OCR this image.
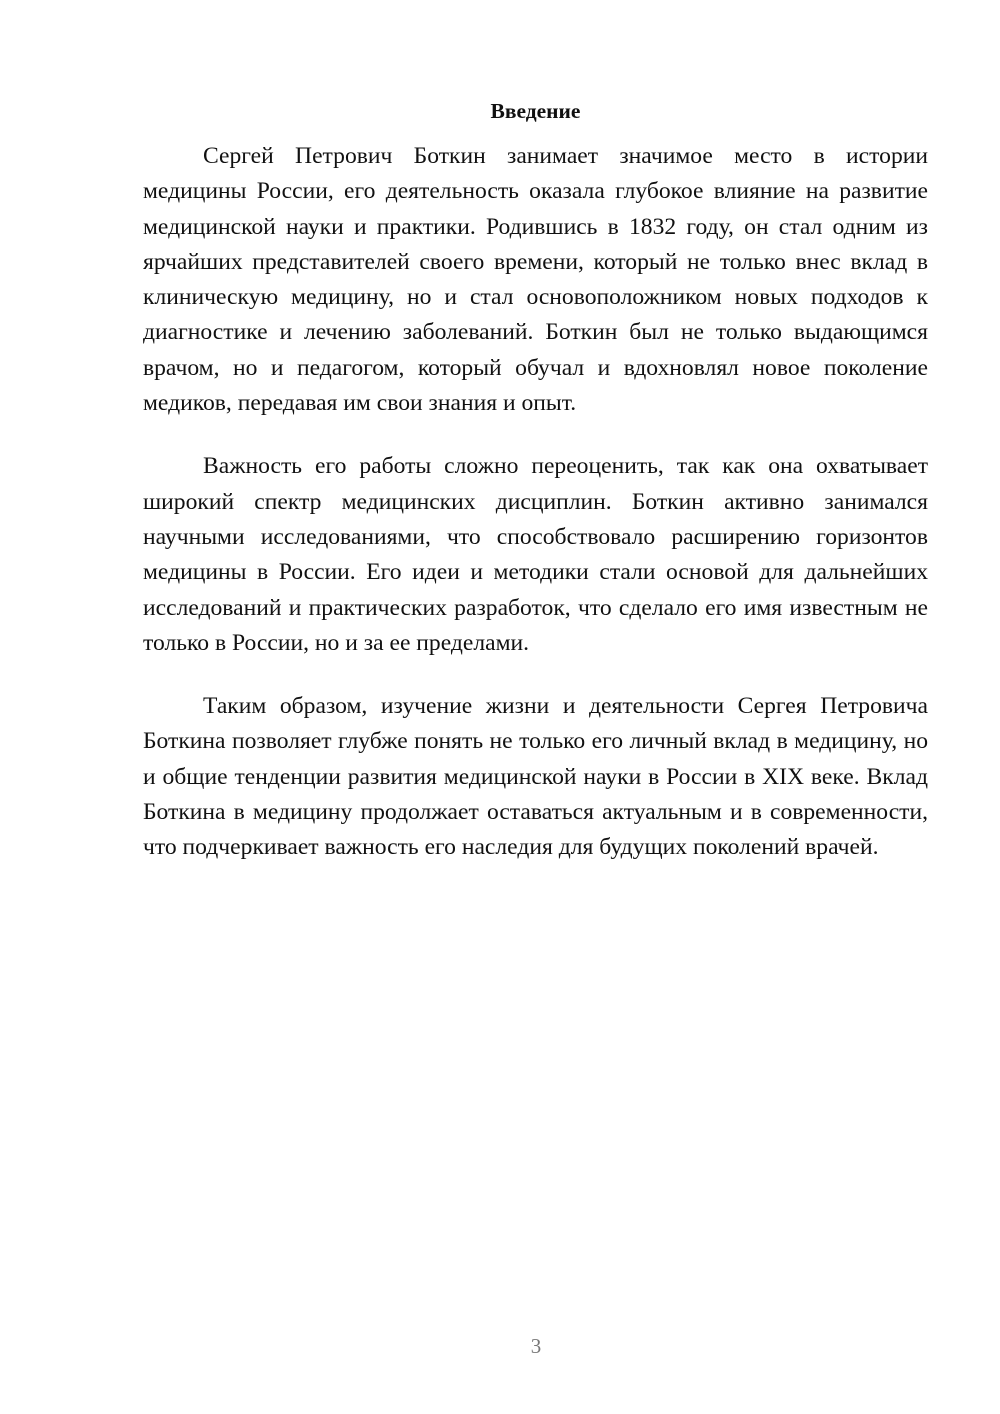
Введение

Сергей Петрович Боткин занимает значимое место в истории медицины России, его деятельность оказала глубокое влияние на развитие медицинской науки и практики. Родившись в 1832 году, он стал одним из ярчайших представителей своего времени, который не только внес вклад в клиническую медицину, но и стал основоположником новых подходов к диагностике и лечению заболеваний. Боткин был не только выдающимся врачом, но и педагогом, который обучал и вдохновлял новое поколение медиков, передавая им свои знания и опыт.

Важность его работы сложно переоценить, так как она охватывает широкий спектр медицинских дисциплин. Боткин активно занимался научными исследованиями, что способствовало расширению горизонтов медицины в России. Его идеи и методики стали основой для дальнейших исследований и практических разработок, что сделало его имя известным не только в России, но и за ее пределами.

Таким образом, изучение жизни и деятельности Сергея Петровича Боткина позволяет глубже понять не только его личный вклад в медицину, но и общие тенденции развития медицинской науки в России в XIX веке. Вклад Боткина в медицину продолжает оставаться актуальным и в современности, что подчеркивает важность его наследия для будущих поколений врачей.

3
